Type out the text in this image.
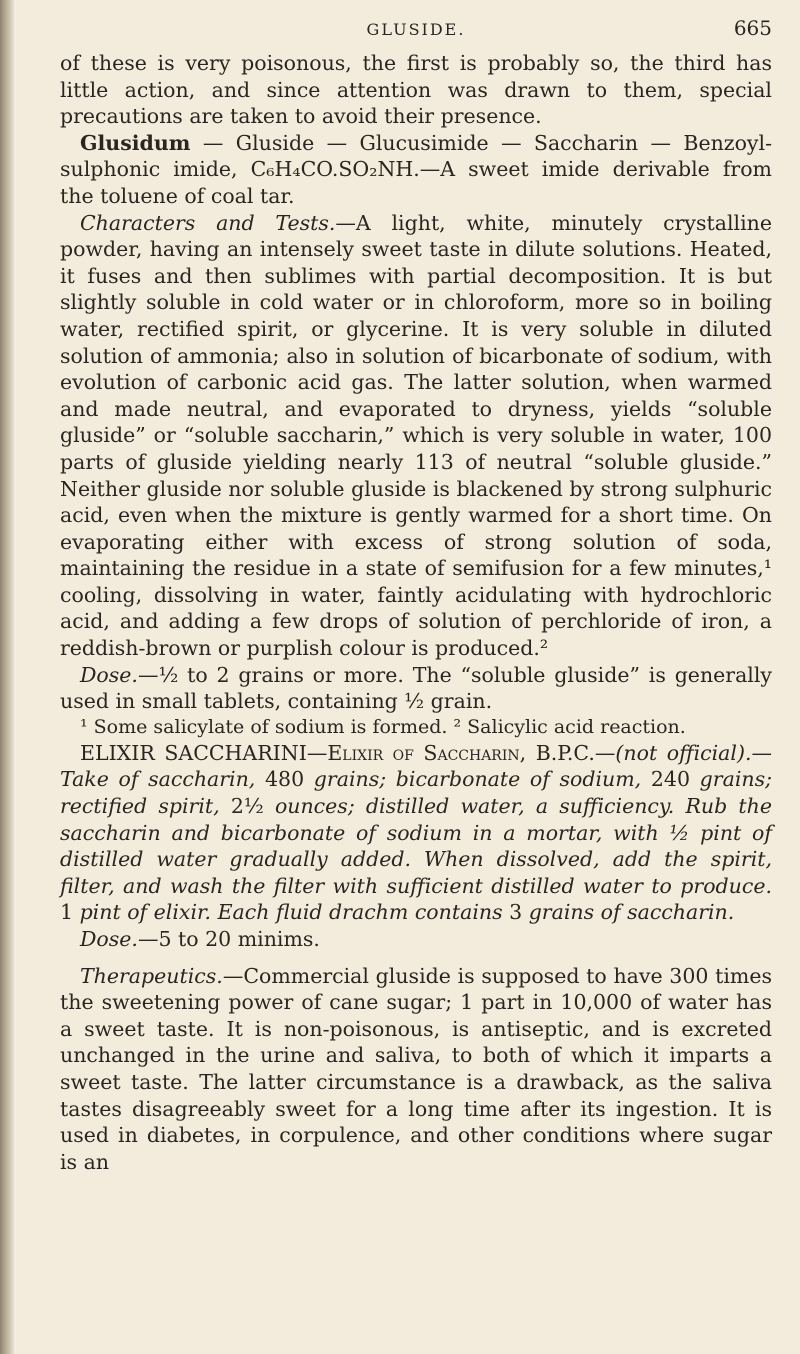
GLUSIDE.	665

of these is very poisonous, the first is probably so, the third has little action, and since attention was drawn to them, special precautions are taken to avoid their presence.

Glusidum — Gluside — Glucusimide — Saccharin — Benzoyl-sulphonic imide, C₆H₄CO.SO₂NH.—A sweet imide derivable from the toluene of coal tar.

Characters and Tests.—A light, white, minutely crystalline powder, having an intensely sweet taste in dilute solutions. Heated, it fuses and then sublimes with partial decomposition. It is but slightly soluble in cold water or in chloroform, more so in boiling water, rectified spirit, or glycerine. It is very soluble in diluted solution of ammonia; also in solution of bicarbonate of sodium, with evolution of carbonic acid gas. The latter solution, when warmed and made neutral, and evaporated to dryness, yields “soluble gluside” or “soluble saccharin,” which is very soluble in water, 100 parts of gluside yielding nearly 113 of neutral “soluble gluside.” Neither gluside nor soluble gluside is blackened by strong sulphuric acid, even when the mixture is gently warmed for a short time. On evaporating either with excess of strong solution of soda, maintaining the residue in a state of semifusion for a few minutes,¹ cooling, dissolving in water, faintly acidulating with hydrochloric acid, and adding a few drops of solution of perchloride of iron, a reddish-brown or purplish colour is produced.²

Dose.—½ to 2 grains or more. The “soluble gluside” is generally used in small tablets, containing ½ grain.

¹ Some salicylate of sodium is formed. ² Salicylic acid reaction.

ELIXIR SACCHARINI—Elixir of Saccharin, B.P.C.—(not official).—Take of saccharin, 480 grains; bicarbonate of sodium, 240 grains; rectified spirit, 2½ ounces; distilled water, a sufficiency. Rub the saccharin and bicarbonate of sodium in a mortar, with ½ pint of distilled water gradually added. When dissolved, add the spirit, filter, and wash the filter with sufficient distilled water to produce. 1 pint of elixir. Each fluid drachm contains 3 grains of saccharin.

Dose.—5 to 20 minims.

Therapeutics.—Commercial gluside is supposed to have 300 times the sweetening power of cane sugar; 1 part in 10,000 of water has a sweet taste. It is non-poisonous, is antiseptic, and is excreted unchanged in the urine and saliva, to both of which it imparts a sweet taste. The latter circumstance is a drawback, as the saliva tastes disagreeably sweet for a long time after its ingestion. It is used in diabetes, in corpulence, and other conditions where sugar is an
